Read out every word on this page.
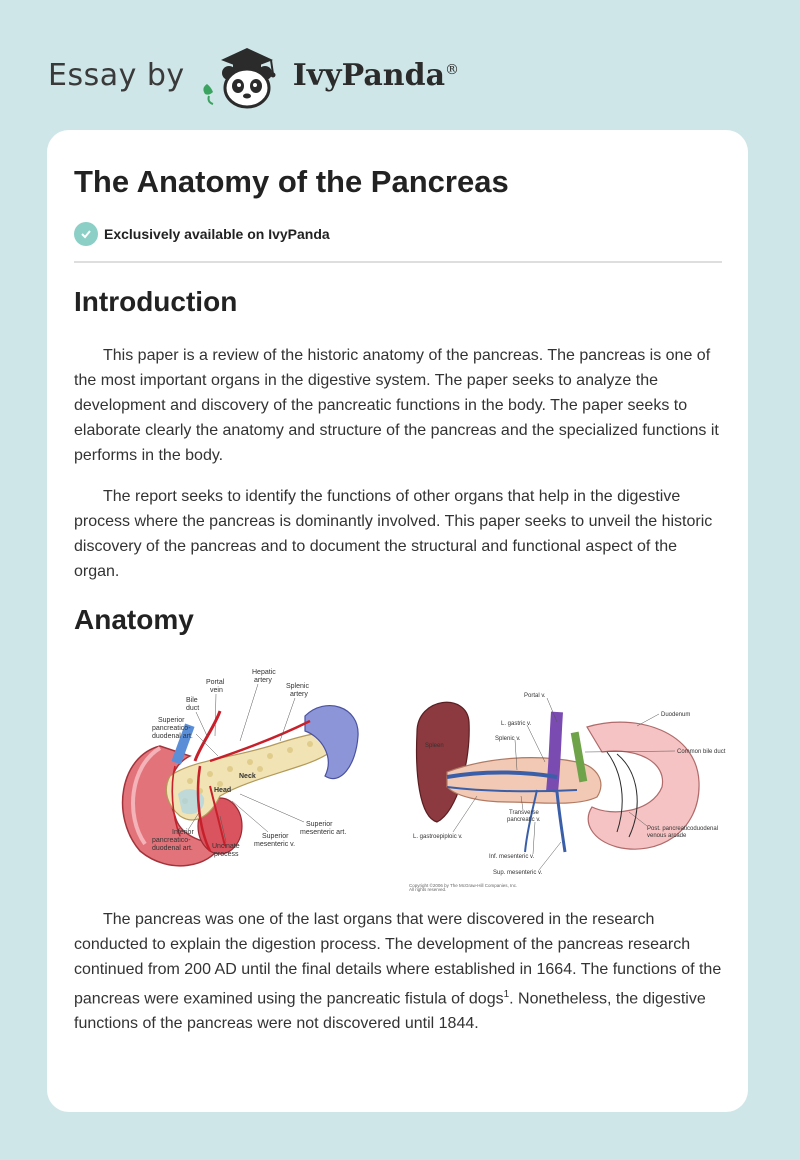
Essay by	IvyPanda®
The Anatomy of the Pancreas
Exclusively available on IvyPanda
Introduction

This paper is a review of the historic anatomy of the pancreas. The pancreas is one of the most important organs in the digestive system. The paper seeks to analyze the development and discovery of the pancreatic functions in the body. The paper seeks to elaborate clearly the anatomy and structure of the pancreas and the specialized functions it performs in the body.

The report seeks to identify the functions of other organs that help in the digestive process where the pancreas is dominantly involved. This paper seeks to unveil the historic discovery of the pancreas and to document the structural and functional aspect of the organ.

Anatomy
Hepatic
artery
Portal
vein
Splenic
artery
Bile
duct
Superior
pancreatico-
duodenal art.
Neck
Head
Inferior
pancreatico-
duodenal art.	Uncinate
process
Superior
mesenteric v.
Superior
mesenteric art.
Spleen
Portal v.
L. gastric v.
Splenic v.
Duodenum
Common bile duct
Transverse
pancreatic v.
L. gastroepiploic v.
Inf. mesenteric v.
Sup. mesenteric v.
Post. pancreaticoduodenal
venous arcade
Copyright ©2006 by The McGraw-Hill Companies, Inc.
All rights reserved.

The pancreas was one of the last organs that were discovered in the research conducted to explain the digestion process. The development of the pancreas research continued from 200 AD until the final details where established in 1664. The functions of the pancreas were examined using the pancreatic fistula of dogs$^1$. Nonetheless, the digestive functions of the pancreas were not discovered until 1844.
